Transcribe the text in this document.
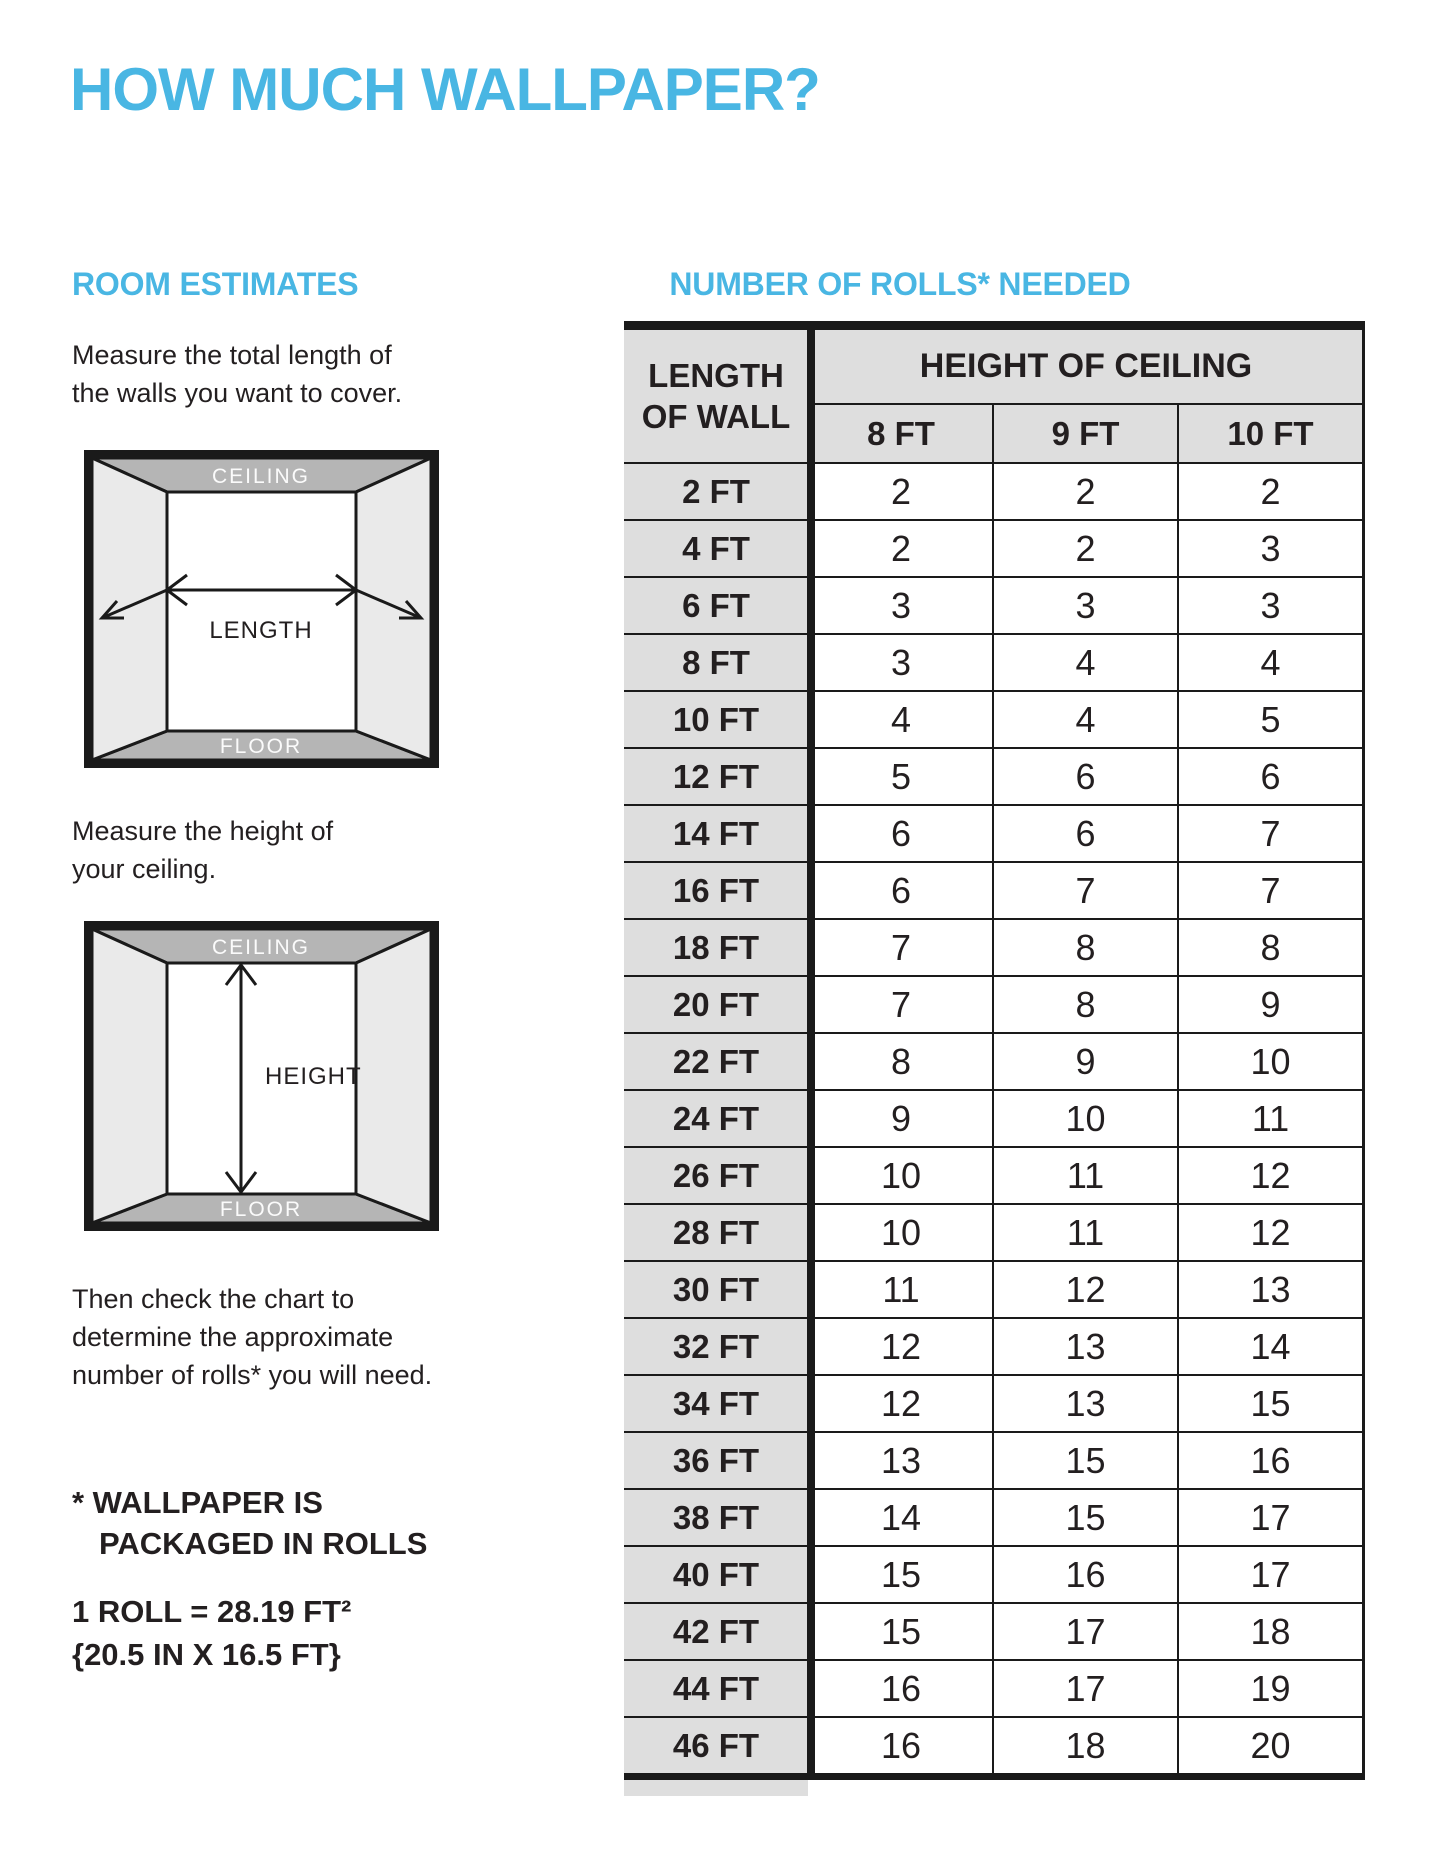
HOW MUCH WALLPAPER?
ROOM ESTIMATES	NUMBER OF ROLLS* NEEDED
Measure the total length of
the walls you want to cover.
CEILING
FLOOR
LENGTH
Measure the height of
your ceiling.
CEILING
FLOOR
HEIGHT
Then check the chart to
determine the approximate
number of rolls* you will need.
* WALLPAPER IS
PACKAGED IN ROLLS
1 ROLL = 28.19 FT²
{20.5 IN X 16.5 FT}
LENGTH
OF WALL
HEIGHT OF CEILING
8 FT	9 FT	10 FT
2 FT	2	2	2
4 FT	2	2	3
6 FT	3	3	3
8 FT	3	4	4
10 FT	4	4	5
12 FT	5	6	6
14 FT	6	6	7
16 FT	6	7	7
18 FT	7	8	8
20 FT	7	8	9
22 FT	8	9	10
24 FT	9	10	11
26 FT	10	11	12
28 FT	10	11	12
30 FT	11	12	13
32 FT	12	13	14
34 FT	12	13	15
36 FT	13	15	16
38 FT	14	15	17
40 FT	15	16	17
42 FT	15	17	18
44 FT	16	17	19
46 FT	16	18	20
